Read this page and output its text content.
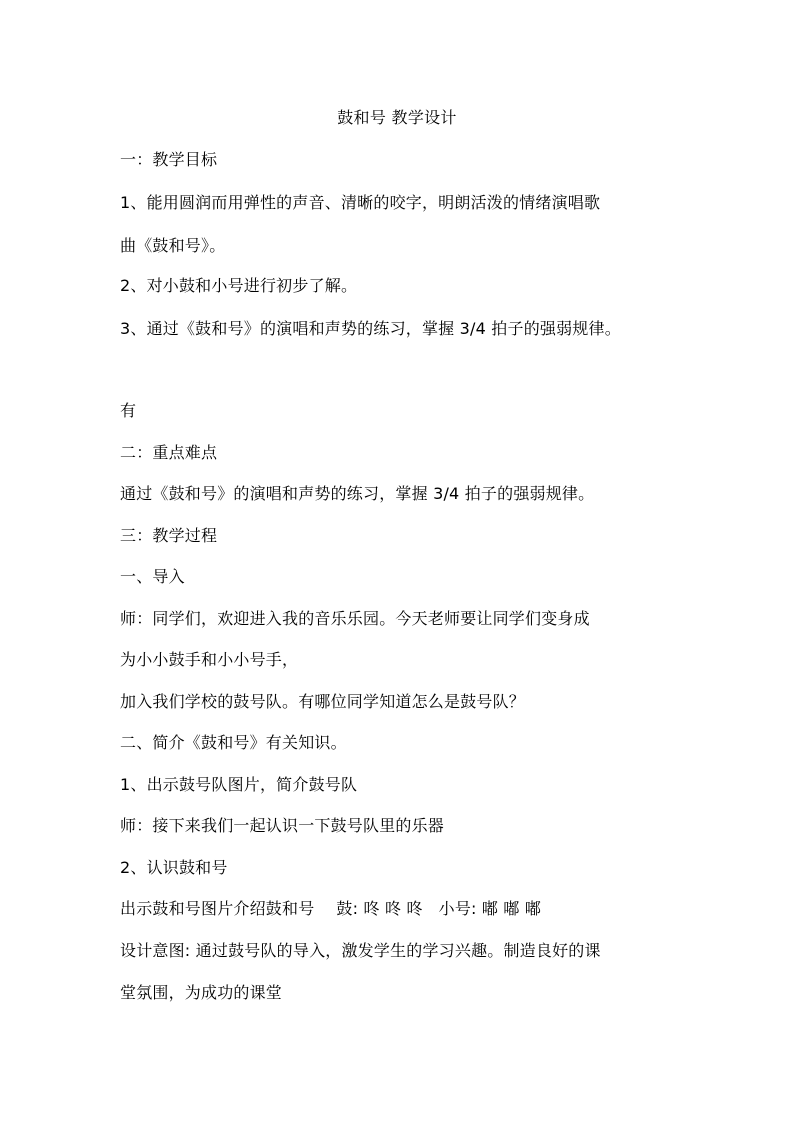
鼓和号 教学设计
一：教学目标
1、能用圆润而用弹性的声音、清晰的咬字，明朗活泼的情绪演唱歌
曲《鼓和号》。
2、对小鼓和小号进行初步了解。
3、通过《鼓和号》的演唱和声势的练习，掌握 3/4 拍子的强弱规律。
有
二：重点难点
通过《鼓和号》的演唱和声势的练习，掌握 3/4 拍子的强弱规律。
三：教学过程
一、导入
师：同学们，欢迎进入我的音乐乐园。今天老师要让同学们变身成
为小小鼓手和小小号手，
加入我们学校的鼓号队。有哪位同学知道怎么是鼓号队？
二、简介《鼓和号》有关知识。
1、出示鼓号队图片，简介鼓号队
师：接下来我们一起认识一下鼓号队里的乐器
2、认识鼓和号
出示鼓和号图片介绍鼓和号 鼓: 咚 咚 咚 小号: 嘟 嘟 嘟
设计意图: 通过鼓号队的导入，激发学生的学习兴趣。制造良好的课
堂氛围，为成功的课堂
